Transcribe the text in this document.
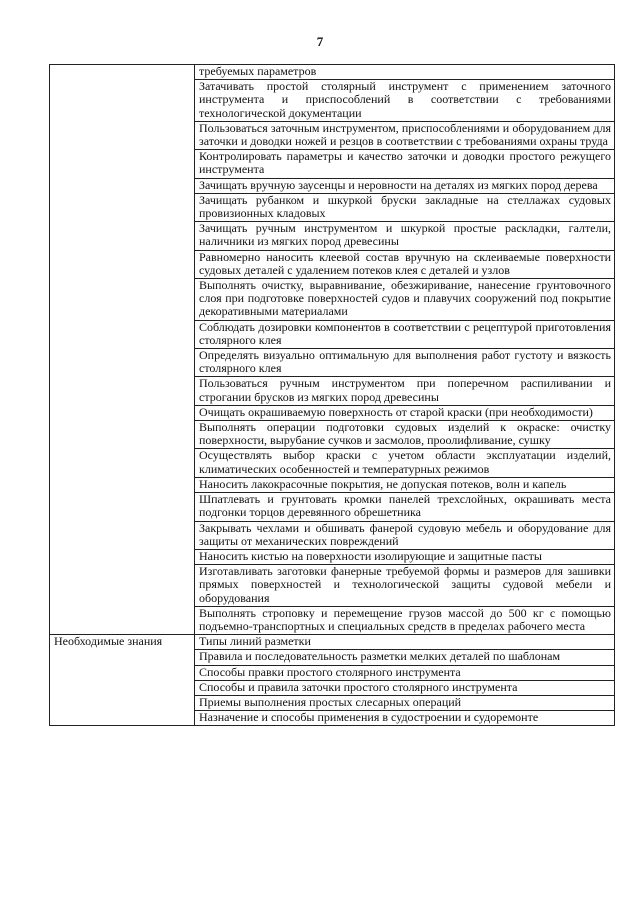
7
	требуемых параметров
	Затачивать простой столярный инструмент с применением заточного инструмента и приспособлений в соответствии с требованиями технологической документации
	Пользоваться заточным инструментом, приспособлениями и оборудованием для заточки и доводки ножей и резцов в соответствии с требованиями охраны труда
	Контролировать параметры и качество заточки и доводки простого режущего инструмента
	Зачищать вручную заусенцы и неровности на деталях из мягких пород дерева
	Зачищать рубанком и шкуркой бруски закладные на стеллажах судовых провизионных кладовых
	Зачищать ручным инструментом и шкуркой простые раскладки, галтели, наличники из мягких пород древесины
	Равномерно наносить клеевой состав вручную на склеиваемые поверхности судовых деталей с удалением потеков клея с деталей и узлов
	Выполнять очистку, выравнивание, обезжиривание, нанесение грунтовочного слоя при подготовке поверхностей судов и плавучих сооружений под покрытие декоративными материалами
	Соблюдать дозировки компонентов в соответствии с рецептурой приготовления столярного клея
	Определять визуально оптимальную для выполнения работ густоту и вязкость столярного клея
	Пользоваться ручным инструментом при поперечном распиливании и строгании брусков из мягких пород древесины
	Очищать окрашиваемую поверхность от старой краски (при необходимости)
	Выполнять операции подготовки судовых изделий к окраске: очистку поверхности, вырубание сучков и засмолов, проолифливание, сушку
	Осуществлять выбор краски с учетом области эксплуатации изделий, климатических особенностей и температурных режимов
	Наносить лакокрасочные покрытия, не допуская потеков, волн и капель
	Шпатлевать и грунтовать кромки панелей трехслойных, окрашивать места подгонки торцов деревянного обрешетника
	Закрывать чехлами и обшивать фанерой судовую мебель и оборудование для защиты от механических повреждений
	Наносить кистью на поверхности изолирующие и защитные пасты
	Изготавливать заготовки фанерные требуемой формы и размеров для зашивки прямых поверхностей и технологической защиты судовой мебели и оборудования
	Выполнять строповку и перемещение грузов массой до 500 кг с помощью подъемно-транспортных и специальных средств в пределах рабочего места
Необходимые знания	Типы линий разметки
	Правила и последовательность разметки мелких деталей по шаблонам
	Способы правки простого столярного инструмента
	Способы и правила заточки простого столярного инструмента
	Приемы выполнения простых слесарных операций
	Назначение и способы применения в судостроении и судоремонте
